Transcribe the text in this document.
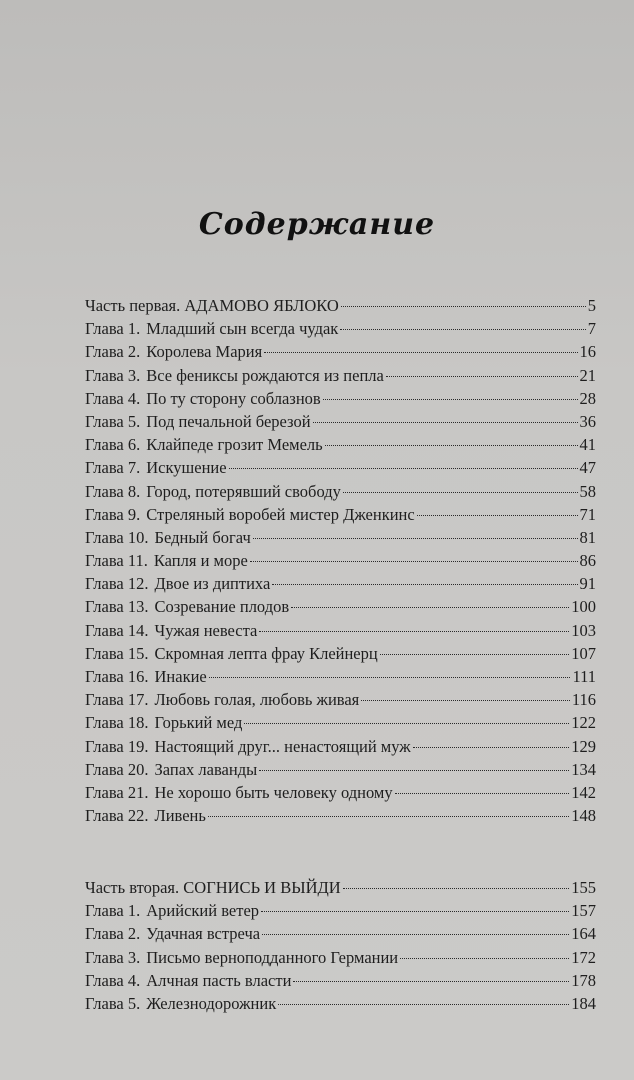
Содержание
Часть первая. АДАМОВО ЯБЛОКО	5
Глава 1. Младший сын всегда чудак	7
Глава 2. Королева Мария	16
Глава 3. Все фениксы рождаются из пепла	21
Глава 4. По ту сторону соблазнов	28
Глава 5. Под печальной березой	36
Глава 6. Клайпеде грозит Мемель	41
Глава 7. Искушение	47
Глава 8. Город, потерявший свободу	58
Глава 9. Стреляный воробей мистер Дженкинс	71
Глава 10. Бедный богач	81
Глава 11. Капля и море	86
Глава 12. Двое из диптиха	91
Глава 13. Созревание плодов	100
Глава 14. Чужая невеста	103
Глава 15. Скромная лепта фрау Клейнерц	107
Глава 16. Инакие	111
Глава 17. Любовь голая, любовь живая	116
Глава 18. Горький мед	122
Глава 19. Настоящий друг... ненастоящий муж	129
Глава 20. Запах лаванды	134
Глава 21. Не хорошо быть человеку одному	142
Глава 22. Ливень	148
Часть вторая. СОГНИСЬ И ВЫЙДИ	155
Глава 1. Арийский ветер	157
Глава 2. Удачная встреча	164
Глава 3. Письмо верноподданного Германии	172
Глава 4. Алчная пасть власти	178
Глава 5. Железнодорожник	184
